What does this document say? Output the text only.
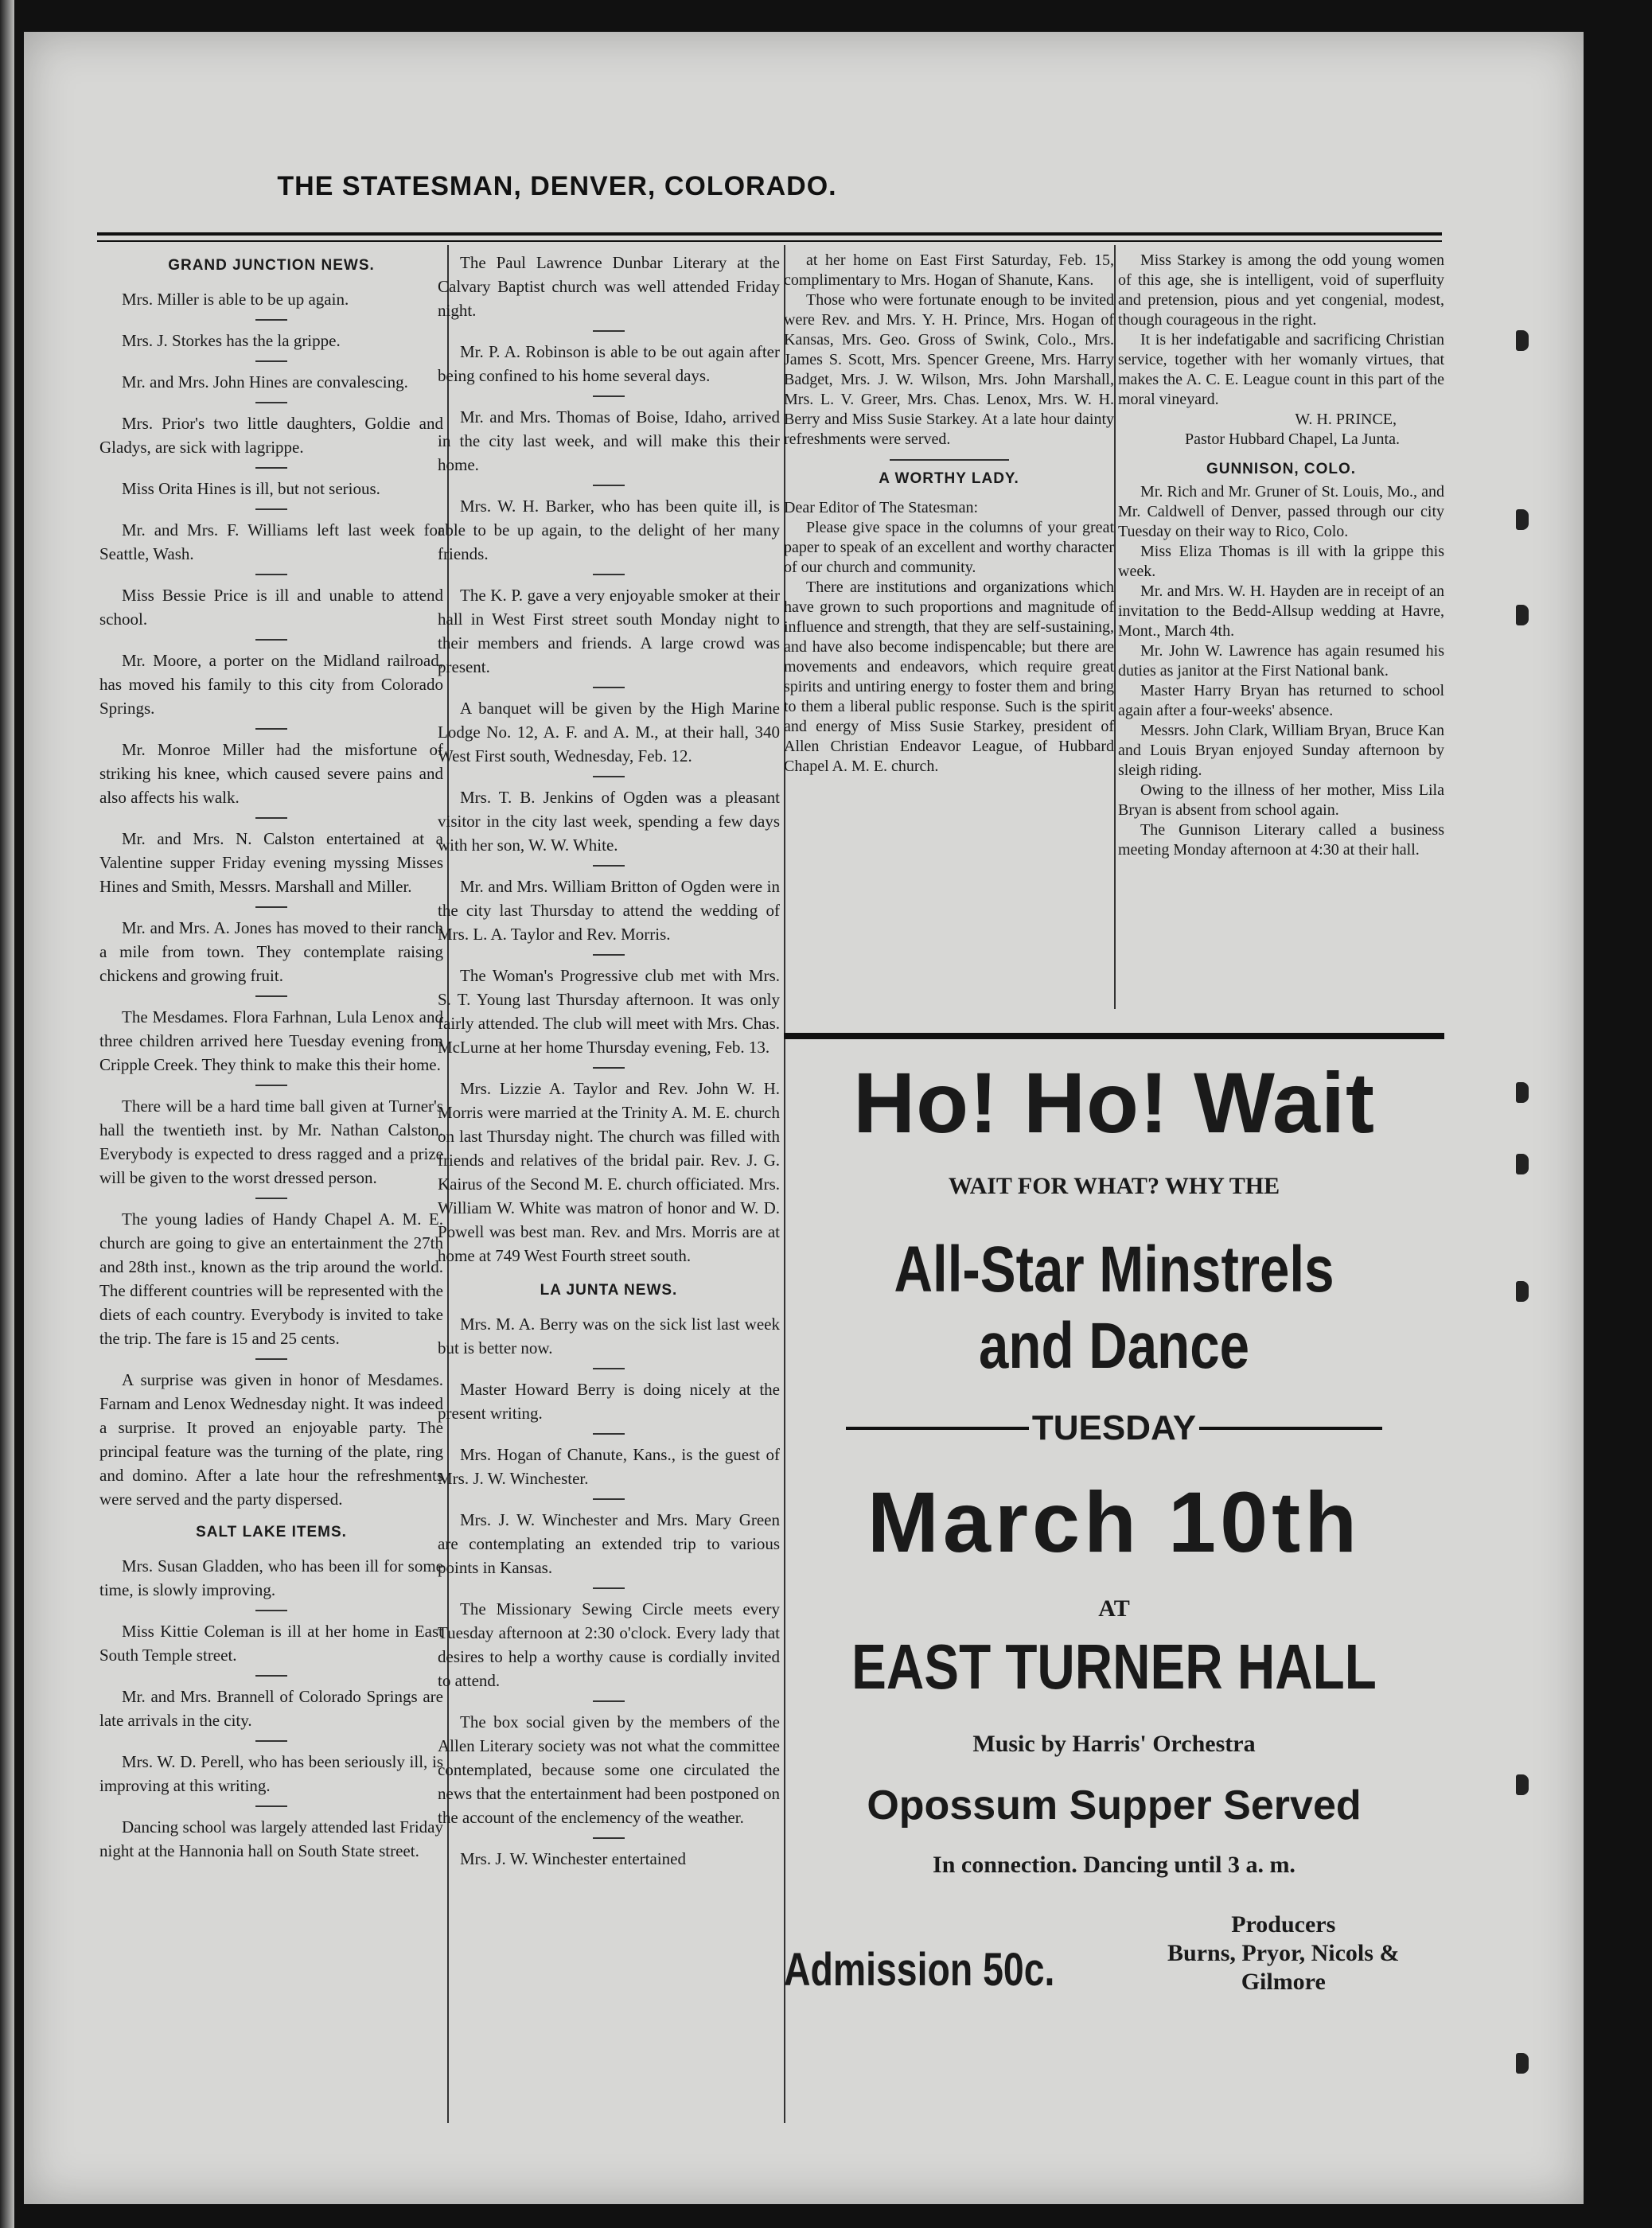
THE STATESMAN, DENVER, COLORADO.
GRAND JUNCTION NEWS.

Mrs. Miller is able to be up again.

Mrs. J. Storkes has the la grippe.

Mr. and Mrs. John Hines are convalescing.

Mrs. Prior's two little daughters, Goldie and Gladys, are sick with lagrippe.

Miss Orita Hines is ill, but not serious.

Mr. and Mrs. F. Williams left last week for Seattle, Wash.

Miss Bessie Price is ill and unable to attend school.

Mr. Moore, a porter on the Midland railroad, has moved his family to this city from Colorado Springs.

Mr. Monroe Miller had the misfortune of striking his knee, which caused severe pains and also affects his walk.

Mr. and Mrs. N. Calston entertained at a Valentine supper Friday evening myssing Misses Hines and Smith, Messrs. Marshall and Miller.

Mr. and Mrs. A. Jones has moved to their ranch a mile from town. They contemplate raising chickens and growing fruit.

The Mesdames. Flora Farhnan, Lula Lenox and three children arrived here Tuesday evening from Cripple Creek. They think to make this their home.

There will be a hard time ball given at Turner's hall the twentieth inst. by Mr. Nathan Calston. Everybody is expected to dress ragged and a prize will be given to the worst dressed person.

The young ladies of Handy Chapel A. M. E. church are going to give an entertainment the 27th and 28th inst., known as the trip around the world. The different countries will be represented with the diets of each country. Everybody is invited to take the trip. The fare is 15 and 25 cents.

A surprise was given in honor of Mesdames. Farnam and Lenox Wednesday night. It was indeed a surprise. It proved an enjoyable party. The principal feature was the turning of the plate, ring and domino. After a late hour the refreshments were served and the party dispersed.

SALT LAKE ITEMS.

Mrs. Susan Gladden, who has been ill for some time, is slowly improving.

Miss Kittie Coleman is ill at her home in East South Temple street.

Mr. and Mrs. Brannell of Colorado Springs are late arrivals in the city.

Mrs. W. D. Perell, who has been seriously ill, is improving at this writing.

Dancing school was largely attended last Friday night at the Hannonia hall on South State street.

The Paul Lawrence Dunbar Literary at the Calvary Baptist church was well attended Friday night.

Mr. P. A. Robinson is able to be out again after being confined to his home several days.

Mr. and Mrs. Thomas of Boise, Idaho, arrived in the city last week, and will make this their home.

Mrs. W. H. Barker, who has been quite ill, is able to be up again, to the delight of her many friends.

The K. P. gave a very enjoyable smoker at their hall in West First street south Monday night to their members and friends. A large crowd was present.

A banquet will be given by the High Marine Lodge No. 12, A. F. and A. M., at their hall, 340 West First south, Wednesday, Feb. 12.

Mrs. T. B. Jenkins of Ogden was a pleasant visitor in the city last week, spending a few days with her son, W. W. White.

Mr. and Mrs. William Britton of Ogden were in the city last Thursday to attend the wedding of Mrs. L. A. Taylor and Rev. Morris.

The Woman's Progressive club met with Mrs. S. T. Young last Thursday afternoon. It was only fairly attended. The club will meet with Mrs. Chas. McLurne at her home Thursday evening, Feb. 13.

Mrs. Lizzie A. Taylor and Rev. John W. H. Morris were married at the Trinity A. M. E. church on last Thursday night. The church was filled with friends and relatives of the bridal pair. Rev. J. G. Kairus of the Second M. E. church officiated. Mrs. William W. White was matron of honor and W. D. Powell was best man. Rev. and Mrs. Morris are at home at 749 West Fourth street south.

LA JUNTA NEWS.

Mrs. M. A. Berry was on the sick list last week but is better now.

Master Howard Berry is doing nicely at the present writing.

Mrs. Hogan of Chanute, Kans., is the guest of Mrs. J. W. Winchester.

Mrs. J. W. Winchester and Mrs. Mary Green are contemplating an extended trip to various points in Kansas.

The Missionary Sewing Circle meets every Tuesday afternoon at 2:30 o'clock. Every lady that desires to help a worthy cause is cordially invited to attend.

The box social given by the members of the Allen Literary society was not what the committee contemplated, because some one circulated the news that the entertainment had been postponed on the account of the enclemency of the weather.

Mrs. J. W. Winchester entertained

at her home on East First Saturday, Feb. 15, complimentary to Mrs. Hogan of Shanute, Kans.

Those who were fortunate enough to be invited were Rev. and Mrs. Y. H. Prince, Mrs. Hogan of Kansas, Mrs. Geo. Gross of Swink, Colo., Mrs. James S. Scott, Mrs. Spencer Greene, Mrs. Harry Badget, Mrs. J. W. Wilson, Mrs. John Marshall, Mrs. L. V. Greer, Mrs. Chas. Lenox, Mrs. W. H. Berry and Miss Susie Starkey. At a late hour dainty refreshments were served.

A WORTHY LADY.

Dear Editor of The Statesman:

Please give space in the columns of your great paper to speak of an excellent and worthy character of our church and community.

There are institutions and organizations which have grown to such proportions and magnitude of influence and strength, that they are self-sustaining, and have also become indispencable; but there are movements and endeavors, which require great spirits and untiring energy to foster them and bring to them a liberal public response. Such is the spirit and energy of Miss Susie Starkey, president of Allen Christian Endeavor League, of Hubbard Chapel A. M. E. church.

Miss Starkey is among the odd young women of this age, she is intelligent, void of superfluity and pretension, pious and yet congenial, modest, though courageous in the right.

It is her indefatigable and sacrificing Christian service, together with her womanly virtues, that makes the A. C. E. League count in this part of the moral vineyard.

W. H. PRINCE,

Pastor Hubbard Chapel, La Junta.

GUNNISON, COLO.

Mr. Rich and Mr. Gruner of St. Louis, Mo., and Mr. Caldwell of Denver, passed through our city Tuesday on their way to Rico, Colo.

Miss Eliza Thomas is ill with la grippe this week.

Mr. and Mrs. W. H. Hayden are in receipt of an invitation to the Bedd-Allsup wedding at Havre, Mont., March 4th.

Mr. John W. Lawrence has again resumed his duties as janitor at the First National bank.

Master Harry Bryan has returned to school again after a four-weeks' absence.

Messrs. John Clark, William Bryan, Bruce Kan and Louis Bryan enjoyed Sunday afternoon by sleigh riding.

Owing to the illness of her mother, Miss Lila Bryan is absent from school again.

The Gunnison Literary called a business meeting Monday afternoon at 4:30 at their hall.

Ho! Ho! Wait
WAIT FOR WHAT? WHY THE
All-Star Minstrels
and Dance
TUESDAY
March 10th
AT
EAST TURNER HALL
Music by Harris' Orchestra
Opossum Supper Served
In connection. Dancing until 3 a. m.
Admission 50c.
Producers
Burns, Pryor, Nicols & Gilmore
